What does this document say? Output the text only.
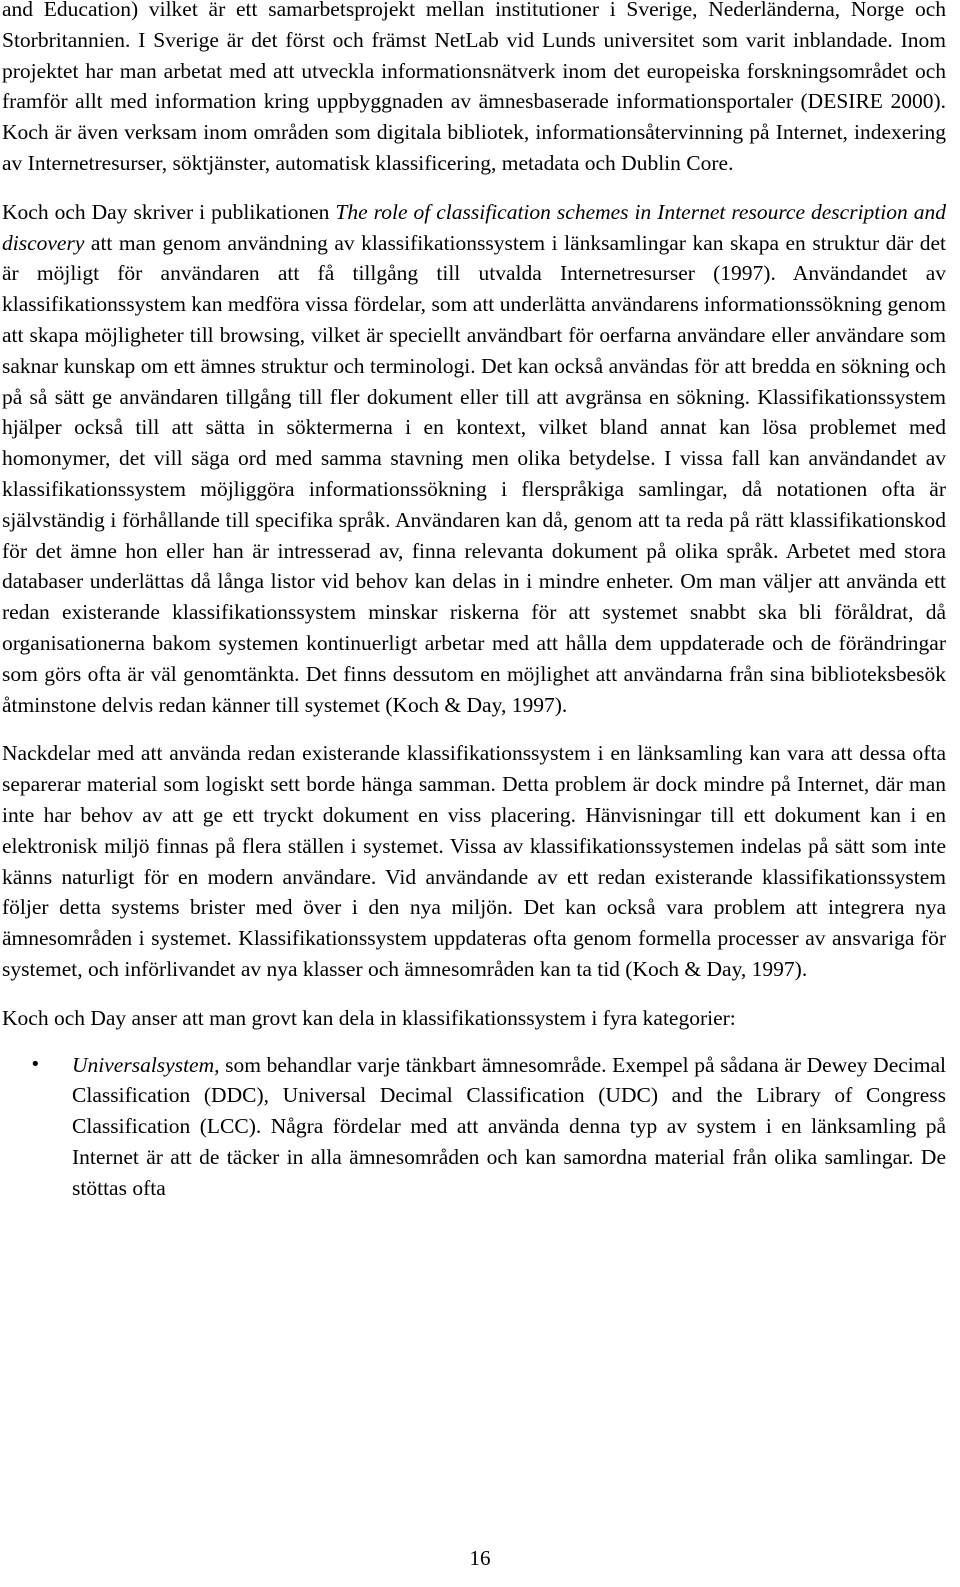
and Education) vilket är ett samarbetsprojekt mellan institutioner i Sverige, Nederländerna, Norge och Storbritannien. I Sverige är det först och främst NetLab vid Lunds universitet som varit inblandade. Inom projektet har man arbetat med att utveckla informationsnätverk inom det europeiska forskningsområdet och framför allt med information kring uppbyggnaden av ämnesbaserade informationsportaler (DESIRE 2000). Koch är även verksam inom områden som digitala bibliotek, informationsåtervinning på Internet, indexering av Internetresurser, söktjänster, automatisk klassificering, metadata och Dublin Core.

Koch och Day skriver i publikationen The role of classification schemes in Internet resource description and discovery att man genom användning av klassifikationssystem i länksamlingar kan skapa en struktur där det är möjligt för användaren att få tillgång till utvalda Internetresurser (1997). Användandet av klassifikationssystem kan medföra vissa fördelar, som att underlätta användarens informationssökning genom att skapa möjligheter till browsing, vilket är speciellt användbart för oerfarna användare eller användare som saknar kunskap om ett ämnes struktur och terminologi. Det kan också användas för att bredda en sökning och på så sätt ge användaren tillgång till fler dokument eller till att avgränsa en sökning. Klassifikationssystem hjälper också till att sätta in söktermerna i en kontext, vilket bland annat kan lösa problemet med homonymer, det vill säga ord med samma stavning men olika betydelse. I vissa fall kan användandet av klassifikationssystem möjliggöra informationssökning i flerspråkiga samlingar, då notationen ofta är självständig i förhållande till specifika språk. Användaren kan då, genom att ta reda på rätt klassifikationskod för det ämne hon eller han är intresserad av, finna relevanta dokument på olika språk. Arbetet med stora databaser underlättas då långa listor vid behov kan delas in i mindre enheter. Om man väljer att använda ett redan existerande klassifikationssystem minskar riskerna för att systemet snabbt ska bli föråldrat, då organisationerna bakom systemen kontinuerligt arbetar med att hålla dem uppdaterade och de förändringar som görs ofta är väl genomtänkta. Det finns dessutom en möjlighet att användarna från sina biblioteksbesök åtminstone delvis redan känner till systemet (Koch & Day, 1997).

Nackdelar med att använda redan existerande klassifikationssystem i en länksamling kan vara att dessa ofta separerar material som logiskt sett borde hänga samman. Detta problem är dock mindre på Internet, där man inte har behov av att ge ett tryckt dokument en viss placering. Hänvisningar till ett dokument kan i en elektronisk miljö finnas på flera ställen i systemet. Vissa av klassifikationssystemen indelas på sätt som inte känns naturligt för en modern användare. Vid användande av ett redan existerande klassifikationssystem följer detta systems brister med över i den nya miljön. Det kan också vara problem att integrera nya ämnesområden i systemet. Klassifikationssystem uppdateras ofta genom formella processer av ansvariga för systemet, och införlivandet av nya klasser och ämnesområden kan ta tid (Koch & Day, 1997).

Koch och Day anser att man grovt kan dela in klassifikationssystem i fyra kategorier:

• Universalsystem, som behandlar varje tänkbart ämnesområde. Exempel på sådana är Dewey Decimal Classification (DDC), Universal Decimal Classification (UDC) and the Library of Congress Classification (LCC). Några fördelar med att använda denna typ av system i en länksamling på Internet är att de täcker in alla ämnesområden och kan samordna material från olika samlingar. De stöttas ofta
16
